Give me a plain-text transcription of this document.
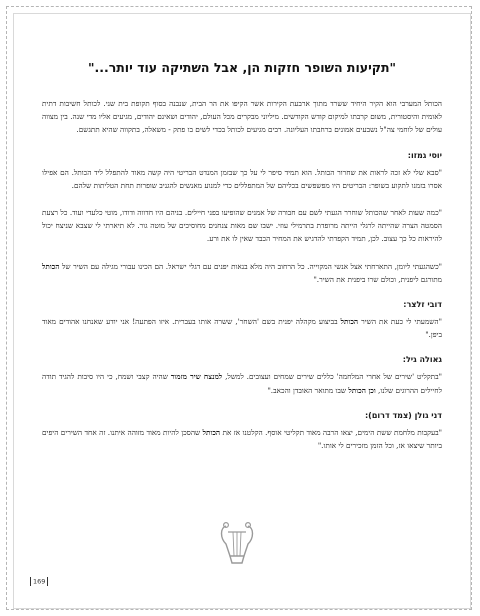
"תקיעות השופר חזקות הן, אבל השתיקה עוד יותר..."

הכותל המערבי הוא הקיר היחיד ששרד מתוך ארבעת הקירות אשר הקיפו את הר הבית, שנבנה בסוף תקופת בית שני. לכותל חשיבות דתית לאומית והיסטורית, משום קרבתו למיקום קודש הקודשים. מיליוני מבקרים מכל העולם, יהודים ושאינם יהודים, מגיעים אליו מדי שנה. בין מצווה עולים של לוחמי צה"ל נשבעים אמונים ברחבתו העליונה. רבים מגיעים לכותל בכדי לשים בו פתק - משאלה, בתקווה שהיא תתגשם.

יוסי גמזו:

"סבא שלי לא זכה לראות את שחרור הכותל. הוא תמיד סיפר לי על כך שבזמן המנדט הבריטי היה קשה מאוד להתפלל ליד הכותל. הם אפילו אסרו בזמנו לתקוע בשופר: הבריטים היו מפשפשים בכליהם של המתפללים כדי למנוע מאנשים להגניב שופרות תחת הטליתות שלהם.

"כמה שעות לאחר שהכותל שוחרר הגעתי לשם עם חבורה של אמנים שהופיעו בפני חיילים. בניהם היו חדווה ודודו, מוטי כלעדי ועוד. כל רצעת הסמטה הצרה שהייתה לרגלי הייתה מרופדת בתרמילי עוזי. ישבו שם מאות צנחנים מחוסיכים של מוטה גור. לא תיארתי לי שצבא שניצח יכול להיראות כל כך עצוב. לכן, תמיד הקפדתי להדגיש את המחיר הכבד שאין לו את ורע.

"כשהגעתי ליומן, התארחתי אצל אנשי המקוייה. כל הרחוב היה מלא בנאות יפנים עם דגלי ישראל. הם הכינו עבורי מגילה עם השיר של הכותל מתורגם ליפנית, וכולם שרו ביפנית את השיר."

דובי זלצר:

"השמעתי לי כעת את השיר הכותל בביצוע מקהלה יפנית בשם 'השחר', ששרה אותו בעברית. איזו הפתעה! אני יודע שאנחנו אהודים מאוד ביפן."

גאולה גיל:

"בתקליט 'שירים של אחרי המלחמה' כללים שירים שמחים ועצובים. למשל, למנצח שיר מזמור שהיה קצבי ושמח, כי היו סיבות להגיד תודה לחיילים ההרוגים שלנו, וכן הכותל שבו מתואר האובדן והכאב."

דני גולן (צמד דרום):

"בעקבות מלחמת ששת הימים, יצאו הרבה מאוד תקליטי אוסף. הקלטנו אז את הכותל שהסכן להיות מאוד מזוהה איתנו. זה אחד השירים היפים ביותר שיצאו אז, וכל הזמן מזכירים לי אותו."

169
